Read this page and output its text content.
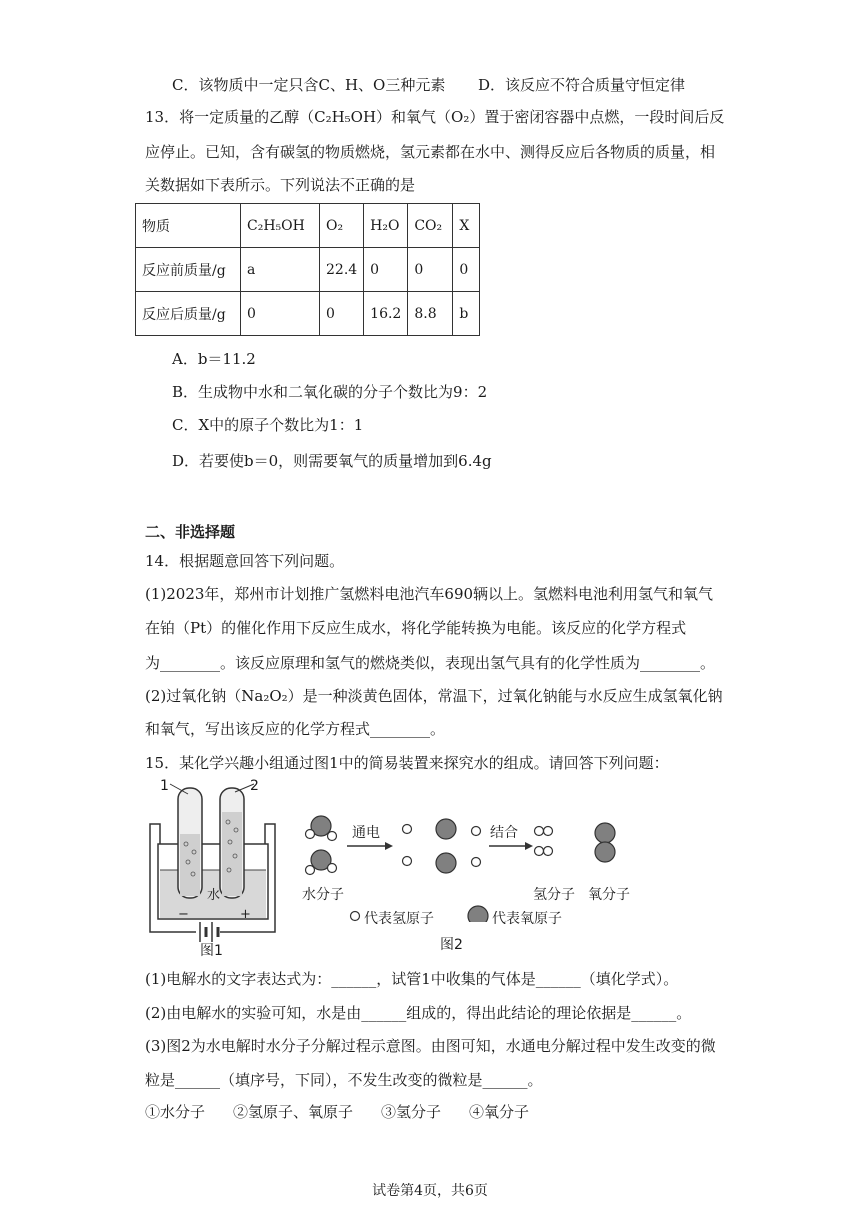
C．该物质中一定只含C、H、O三种元素 D．该反应不符合质量守恒定律
13．将一定质量的乙醇（C₂H₅OH）和氧气（O₂）置于密闭容器中点燃，一段时间后反
应停止。已知，含有碳氢的物质燃烧，氢元素都在水中、测得反应后各物质的质量，相
关数据如下表所示。下列说法不正确的是
物质	C₂H₅OH	O₂	H₂O	CO₂	X
反应前质量/g	a	22.4	0	0	0
反应后质量/g	0	0	16.2	8.8	b
A．b＝11.2
B．生成物中水和二氧化碳的分子个数比为9：2
C．X中的原子个数比为1：1
D．若要使b＝0，则需要氧气的质量增加到6.4g
二、非选择题
14．根据题意回答下列问题。
(1)2023年，郑州市计划推广氢燃料电池汽车690辆以上。氢燃料电池利用氢气和氧气
在铂（Pt）的催化作用下反应生成水，将化学能转换为电能。该反应的化学方程式
为________。该反应原理和氢气的燃烧类似，表现出氢气具有的化学性质为________。
(2)过氧化钠（Na₂O₂）是一种淡黄色固体，常温下，过氧化钠能与水反应生成氢氧化钠
和氧气，写出该反应的化学方程式________。
15．某化学兴趣小组通过图1中的简易装置来探究水的组成。请回答下列问题：
1	2
水
−	+
图1
通电	结合
水分子	氢分子 氧分子
代表氢原子	代表氧原子
图2
(1)电解水的文字表达式为：______，试管1中收集的气体是______（填化学式）。
(2)由电解水的实验可知，水是由______组成的，得出此结论的理论依据是______。
(3)图2为水电解时水分子分解过程示意图。由图可知，水通电分解过程中发生改变的微
粒是______（填序号，下同），不发生改变的微粒是______。
①水分子 ②氢原子、氧原子 ③氢分子 ④氧分子
试卷第4页，共6页
